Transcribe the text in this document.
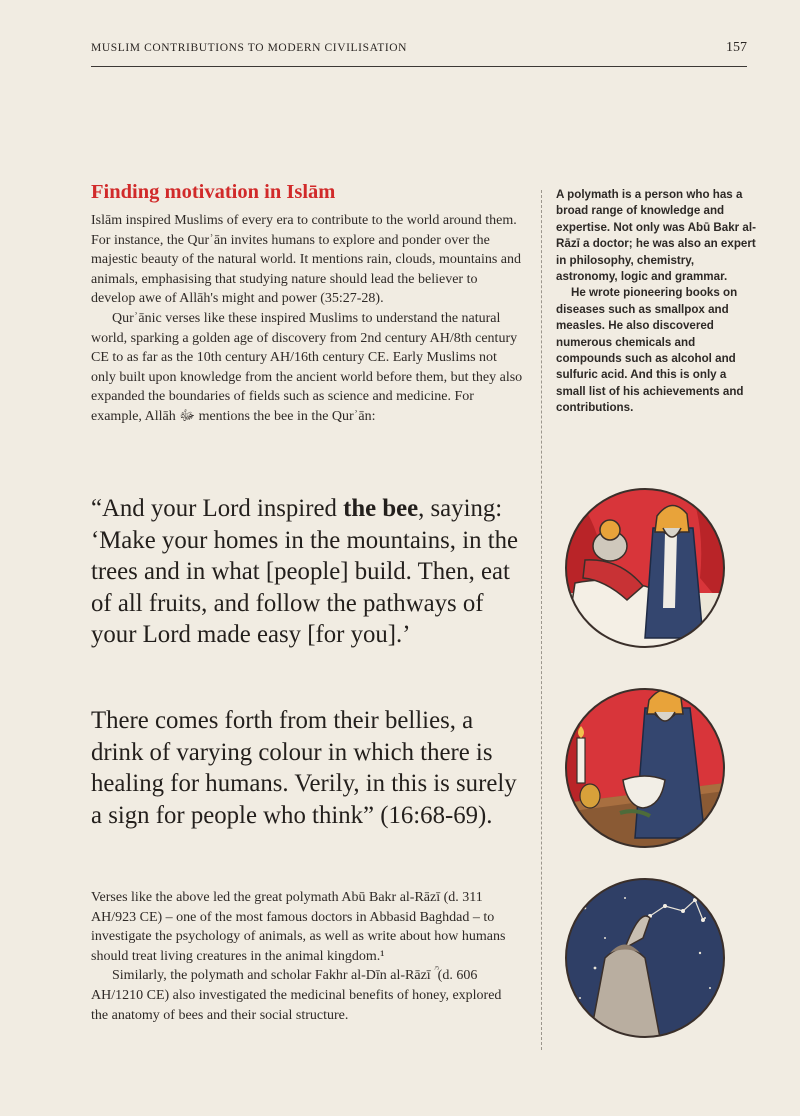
MUSLIM CONTRIBUTIONS TO MODERN CIVILISATION	157
Finding motivation in Islām

Islām inspired Muslims of every era to contribute to the world around them. For instance, the Qurʾān invites humans to explore and ponder over the majestic beauty of the natural world. It mentions rain, clouds, mountains and animals, emphasising that studying nature should lead the believer to develop awe of Allāh's might and power (35:27-28).

Qurʾānic verses like these inspired Muslims to understand the natural world, sparking a golden age of discovery from 2nd century AH/8th century CE to as far as the 10th century AH/16th century CE. Early Muslims not only built upon knowledge from the ancient world before them, but they also expanded the boundaries of fields such as science and medicine. For example, Allāh ﷻ mentions the bee in the Qurʾān:

“And your Lord inspired the bee, saying: ‘Make your homes in the mountains, in the trees and in what [people] build. Then, eat of all fruits, and follow the pathways of your Lord made easy [for you].’

There comes forth from their bellies, a drink of varying colour in which there is healing for humans. Verily, in this is surely a sign for people who think” (16:68-69).

Verses like the above led the great polymath Abū Bakr al-Rāzī (d. 311 AH/923 CE) – one of the most famous doctors in Abbasid Baghdad – to investigate the psychology of animals, as well as write about how humans should treat living creatures in the animal kingdom.¹

Similarly, the polymath and scholar Fakhr al-Dīn al-Rāzī ؒ (d. 606 AH/1210 CE) also investigated the medicinal benefits of honey, explored the anatomy of bees and their social structure.

A polymath is a person who has a broad range of knowledge and expertise. Not only was Abū Bakr al-Rāzī a doctor; he was also an expert in philosophy, chemistry, astronomy, logic and grammar.

He wrote pioneering books on diseases such as smallpox and measles. He also discovered numerous chemicals and compounds such as alcohol and sulfuric acid. And this is only a small list of his achievements and contributions.
